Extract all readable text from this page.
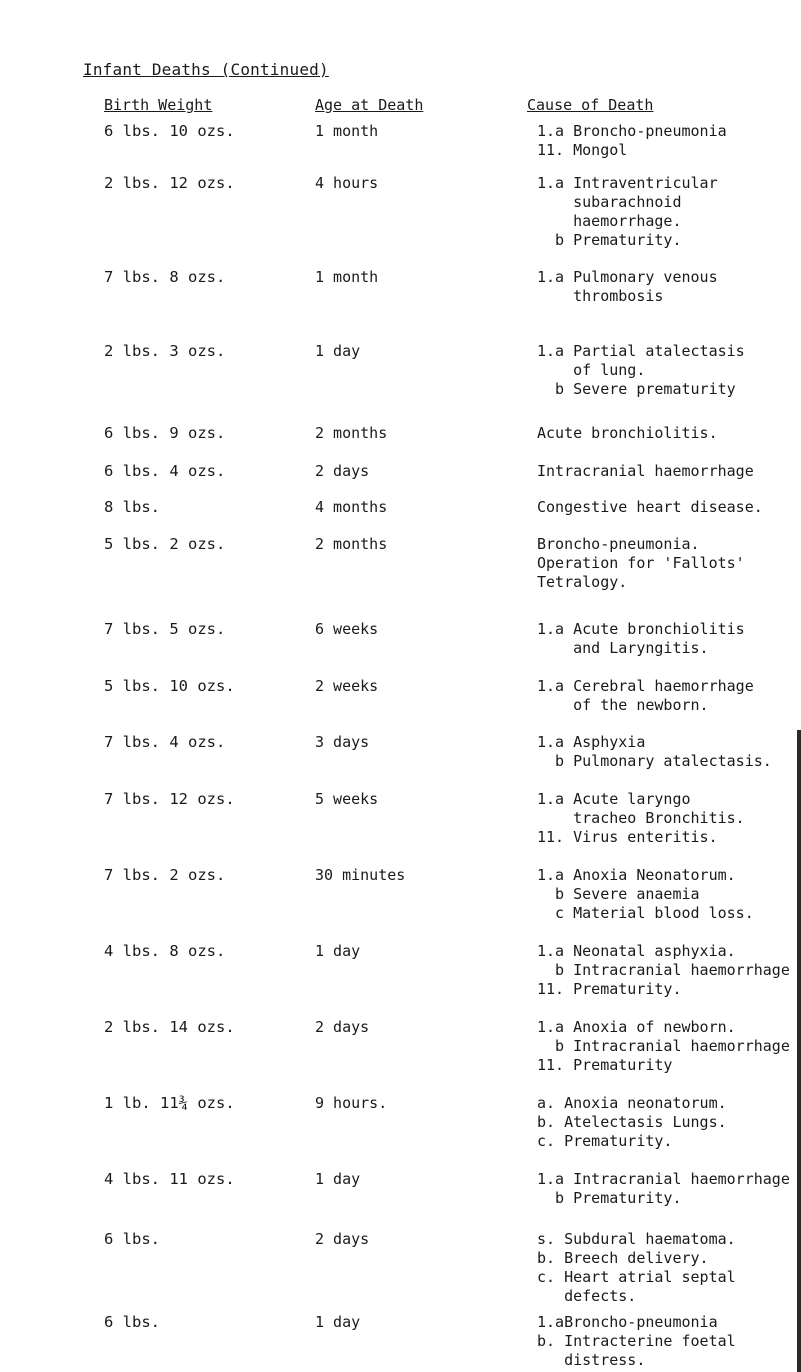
Infant Deaths (Continued)
Birth Weight	Age at Death	Cause of Death
6 lbs. 10 ozs.	1 month	1.a Broncho-pneumonia
11. Mongol
2 lbs. 12 ozs.	4 hours	1.a Intraventricular
subarachnoid
haemorrhage.
b Prematurity.
7 lbs. 8 ozs.	1 month	1.a Pulmonary venous
thrombosis
2 lbs. 3 ozs.	1 day	1.a Partial atalectasis
of lung.
b Severe prematurity
6 lbs. 9 ozs.	2 months	Acute bronchiolitis.
6 lbs. 4 ozs.	2 days	Intracranial haemorrhage
8 lbs.	4 months	Congestive heart disease.
5 lbs. 2 ozs.	2 months	Broncho-pneumonia.
Operation for 'Fallots'
Tetralogy.
7 lbs. 5 ozs.	6 weeks	1.a Acute bronchiolitis
and Laryngitis.
5 lbs. 10 ozs.	2 weeks	1.a Cerebral haemorrhage
of the newborn.
7 lbs. 4 ozs.	3 days	1.a Asphyxia
b Pulmonary atalectasis.
7 lbs. 12 ozs.	5 weeks	1.a Acute laryngo
tracheo Bronchitis.
11. Virus enteritis.
7 lbs. 2 ozs.	30 minutes	1.a Anoxia Neonatorum.
b Severe anaemia
c Material blood loss.
4 lbs. 8 ozs.	1 day	1.a Neonatal asphyxia.
b Intracranial haemorrhage
11. Prematurity.
2 lbs. 14 ozs.	2 days	1.a Anoxia of newborn.
b Intracranial haemorrhage
11. Prematurity
1 lb. 11¾ ozs.	9 hours.	a. Anoxia neonatorum.
b. Atelectasis Lungs.
c. Prematurity.
4 lbs. 11 ozs.	1 day	1.a Intracranial haemorrhage
b Prematurity.
6 lbs.	2 days	s. Subdural haematoma.
b. Breech delivery.
c. Heart atrial septal
defects.
6 lbs.	1 day	1.aBroncho-pneumonia
b. Intracterine foetal
distress.
